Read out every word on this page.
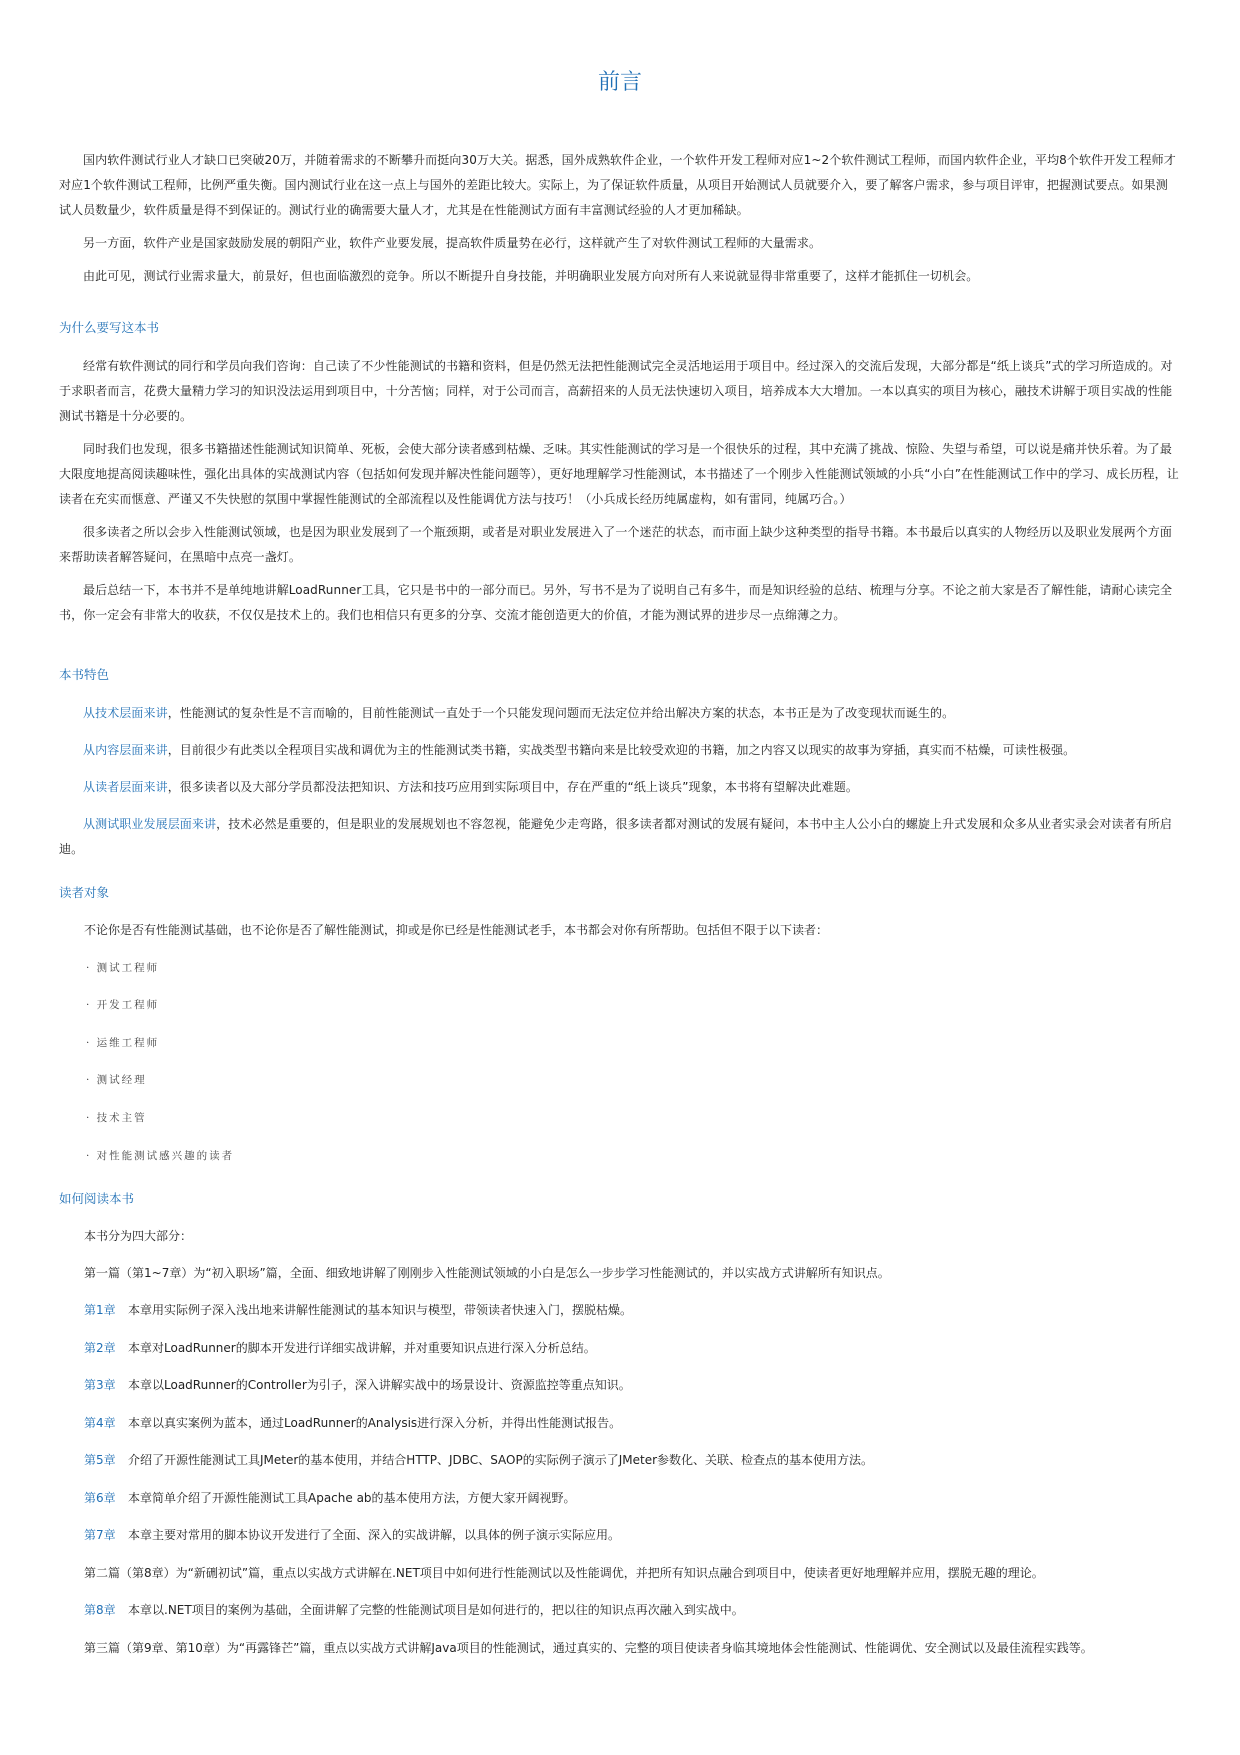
前言

国内软件测试行业人才缺口已突破20万，并随着需求的不断攀升而挺向30万大关。据悉，国外成熟软件企业，一个软件开发工程师对应1~2个软件测试工程师，而国内软件企业，平均8个软件开发工程师才对应1个软件测试工程师，比例严重失衡。国内测试行业在这一点上与国外的差距比较大。实际上，为了保证软件质量，从项目开始测试人员就要介入，要了解客户需求，参与项目评审，把握测试要点。如果测试人员数量少，软件质量是得不到保证的。测试行业的确需要大量人才，尤其是在性能测试方面有丰富测试经验的人才更加稀缺。

另一方面，软件产业是国家鼓励发展的朝阳产业，软件产业要发展，提高软件质量势在必行，这样就产生了对软件测试工程师的大量需求。

由此可见，测试行业需求量大，前景好，但也面临激烈的竞争。所以不断提升自身技能，并明确职业发展方向对所有人来说就显得非常重要了，这样才能抓住一切机会。

为什么要写这本书

经常有软件测试的同行和学员向我们咨询：自己读了不少性能测试的书籍和资料，但是仍然无法把性能测试完全灵活地运用于项目中。经过深入的交流后发现，大部分都是“纸上谈兵”式的学习所造成的。对于求职者而言，花费大量精力学习的知识没法运用到项目中，十分苦恼；同样，对于公司而言，高薪招来的人员无法快速切入项目，培养成本大大增加。一本以真实的项目为核心，融技术讲解于项目实战的性能测试书籍是十分必要的。

同时我们也发现，很多书籍描述性能测试知识简单、死板，会使大部分读者感到枯燥、乏味。其实性能测试的学习是一个很快乐的过程，其中充满了挑战、惊险、失望与希望，可以说是痛并快乐着。为了最大限度地提高阅读趣味性，强化出具体的实战测试内容（包括如何发现并解决性能问题等），更好地理解学习性能测试，本书描述了一个刚步入性能测试领域的小兵“小白”在性能测试工作中的学习、成长历程，让读者在充实而惬意、严谨又不失快慰的氛围中掌握性能测试的全部流程以及性能调优方法与技巧！（小兵成长经历纯属虚构，如有雷同，纯属巧合。）

很多读者之所以会步入性能测试领域，也是因为职业发展到了一个瓶颈期，或者是对职业发展进入了一个迷茫的状态，而市面上缺少这种类型的指导书籍。本书最后以真实的人物经历以及职业发展两个方面来帮助读者解答疑问，在黑暗中点亮一盏灯。

最后总结一下，本书并不是单纯地讲解LoadRunner工具，它只是书中的一部分而已。另外，写书不是为了说明自己有多牛，而是知识经验的总结、梳理与分享。不论之前大家是否了解性能，请耐心读完全书，你一定会有非常大的收获，不仅仅是技术上的。我们也相信只有更多的分享、交流才能创造更大的价值，才能为测试界的进步尽一点绵薄之力。

本书特色

从技术层面来讲，性能测试的复杂性是不言而喻的，目前性能测试一直处于一个只能发现问题而无法定位并给出解决方案的状态，本书正是为了改变现状而诞生的。

从内容层面来讲，目前很少有此类以全程项目实战和调优为主的性能测试类书籍，实战类型书籍向来是比较受欢迎的书籍，加之内容又以现实的故事为穿插，真实而不枯燥，可读性极强。

从读者层面来讲，很多读者以及大部分学员都没法把知识、方法和技巧应用到实际项目中，存在严重的“纸上谈兵”现象，本书将有望解决此难题。

从测试职业发展层面来讲，技术必然是重要的，但是职业的发展规划也不容忽视，能避免少走弯路，很多读者都对测试的发展有疑问，本书中主人公小白的螺旋上升式发展和众多从业者实录会对读者有所启迪。

读者对象
不论你是否有性能测试基础，也不论你是否了解性能测试，抑或是你已经是性能测试老手，本书都会对你有所帮助。包括但不限于以下读者：
· 测试工程师
· 开发工程师
· 运维工程师
· 测试经理
· 技术主管
· 对性能测试感兴趣的读者
如何阅读本书
本书分为四大部分：
第一篇（第1~7章）为“初入职场”篇，全面、细致地讲解了刚刚步入性能测试领域的小白是怎么一步步学习性能测试的，并以实战方式讲解所有知识点。
第1章 本章用实际例子深入浅出地来讲解性能测试的基本知识与模型，带领读者快速入门，摆脱枯燥。
第2章 本章对LoadRunner的脚本开发进行详细实战讲解，并对重要知识点进行深入分析总结。
第3章 本章以LoadRunner的Controller为引子，深入讲解实战中的场景设计、资源监控等重点知识。
第4章 本章以真实案例为蓝本，通过LoadRunner的Analysis进行深入分析，并得出性能测试报告。
第5章 介绍了开源性能测试工具JMeter的基本使用，并结合HTTP、JDBC、SAOP的实际例子演示了JMeter参数化、关联、检查点的基本使用方法。
第6章 本章简单介绍了开源性能测试工具Apache ab的基本使用方法，方便大家开阔视野。
第7章 本章主要对常用的脚本协议开发进行了全面、深入的实战讲解，以具体的例子演示实际应用。
第二篇（第8章）为“新硎初试”篇，重点以实战方式讲解在.NET项目中如何进行性能测试以及性能调优，并把所有知识点融合到项目中，使读者更好地理解并应用，摆脱无趣的理论。
第8章 本章以.NET项目的案例为基础，全面讲解了完整的性能测试项目是如何进行的，把以往的知识点再次融入到实战中。
第三篇（第9章、第10章）为“再露锋芒”篇，重点以实战方式讲解Java项目的性能测试，通过真实的、完整的项目使读者身临其境地体会性能测试、性能调优、安全测试以及最佳流程实践等。
